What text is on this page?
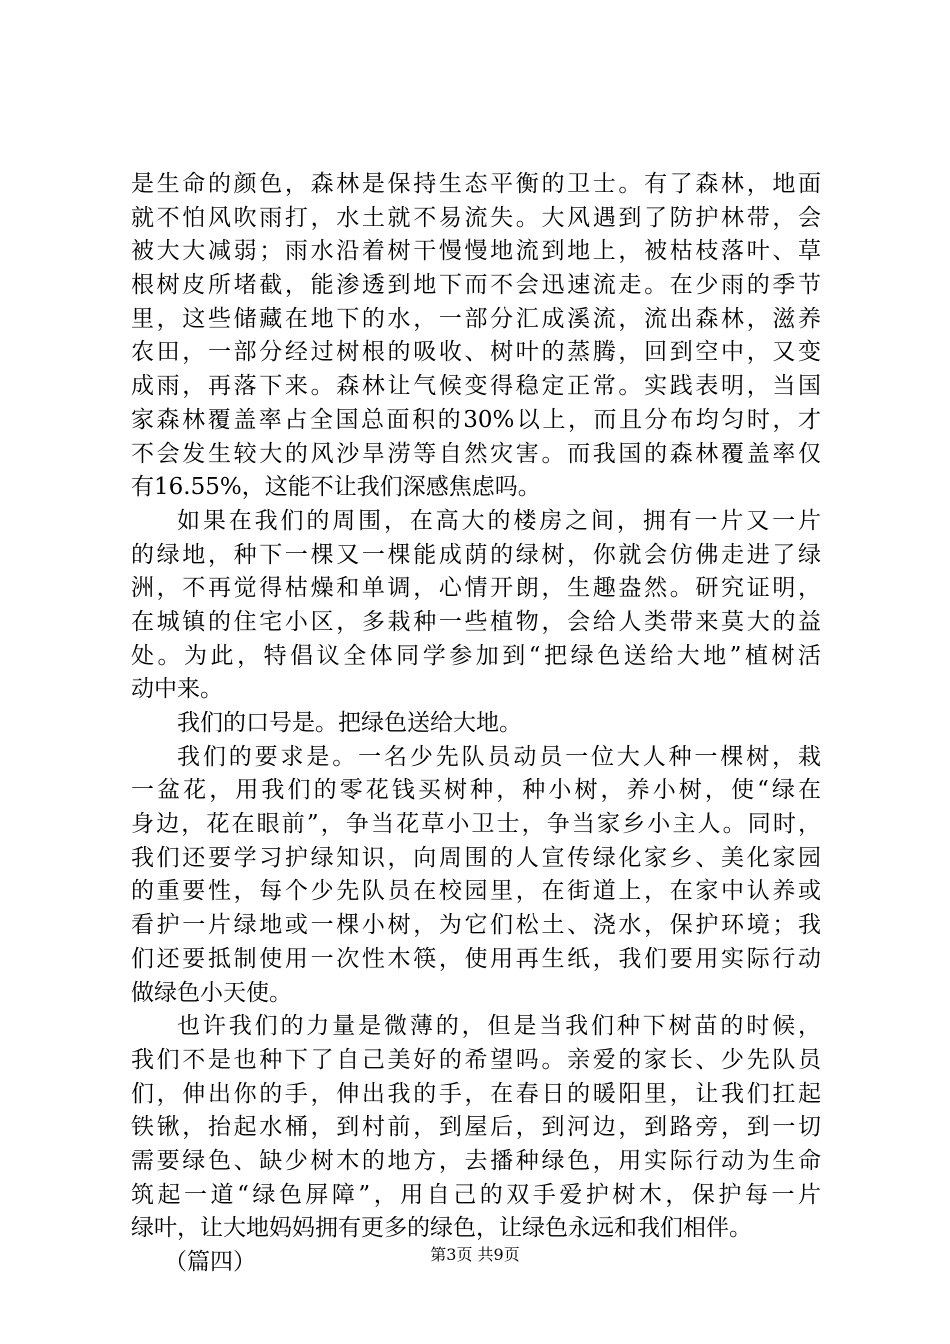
是生命的颜色，森林是保持生态平衡的卫士。有了森林，地面
就不怕风吹雨打，水土就不易流失。大风遇到了防护林带，会
被大大减弱；雨水沿着树干慢慢地流到地上，被枯枝落叶、草
根树皮所堵截，能渗透到地下而不会迅速流走。在少雨的季节
里，这些储藏在地下的水，一部分汇成溪流，流出森林，滋养
农田，一部分经过树根的吸收、树叶的蒸腾，回到空中，又变
成雨，再落下来。森林让气候变得稳定正常。实践表明，当国
家森林覆盖率占全国总面积的30%以上，而且分布均匀时，才
不会发生较大的风沙旱涝等自然灾害。而我国的森林覆盖率仅
有16.55%，这能不让我们深感焦虑吗。
如果在我们的周围，在高大的楼房之间，拥有一片又一片
的绿地，种下一棵又一棵能成荫的绿树，你就会仿佛走进了绿
洲，不再觉得枯燥和单调，心情开朗，生趣盎然。研究证明，
在城镇的住宅小区，多栽种一些植物，会给人类带来莫大的益
处。为此，特倡议全体同学参加到“把绿色送给大地”植树活
动中来。
我们的口号是。把绿色送给大地。
我们的要求是。一名少先队员动员一位大人种一棵树，栽
一盆花，用我们的零花钱买树种，种小树，养小树，使“绿在
身边，花在眼前”，争当花草小卫士，争当家乡小主人。同时，
我们还要学习护绿知识，向周围的人宣传绿化家乡、美化家园
的重要性，每个少先队员在校园里，在街道上，在家中认养或
看护一片绿地或一棵小树，为它们松土、浇水，保护环境；我
们还要抵制使用一次性木筷，使用再生纸，我们要用实际行动
做绿色小天使。
也许我们的力量是微薄的，但是当我们种下树苗的时候，
我们不是也种下了自己美好的希望吗。亲爱的家长、少先队员
们，伸出你的手，伸出我的手，在春日的暖阳里，让我们扛起
铁锹，抬起水桶，到村前，到屋后，到河边，到路旁，到一切
需要绿色、缺少树木的地方，去播种绿色，用实际行动为生命
筑起一道“绿色屏障”，用自己的双手爱护树木，保护每一片
绿叶，让大地妈妈拥有更多的绿色，让绿色永远和我们相伴。
（篇四）	第3页 共9页
